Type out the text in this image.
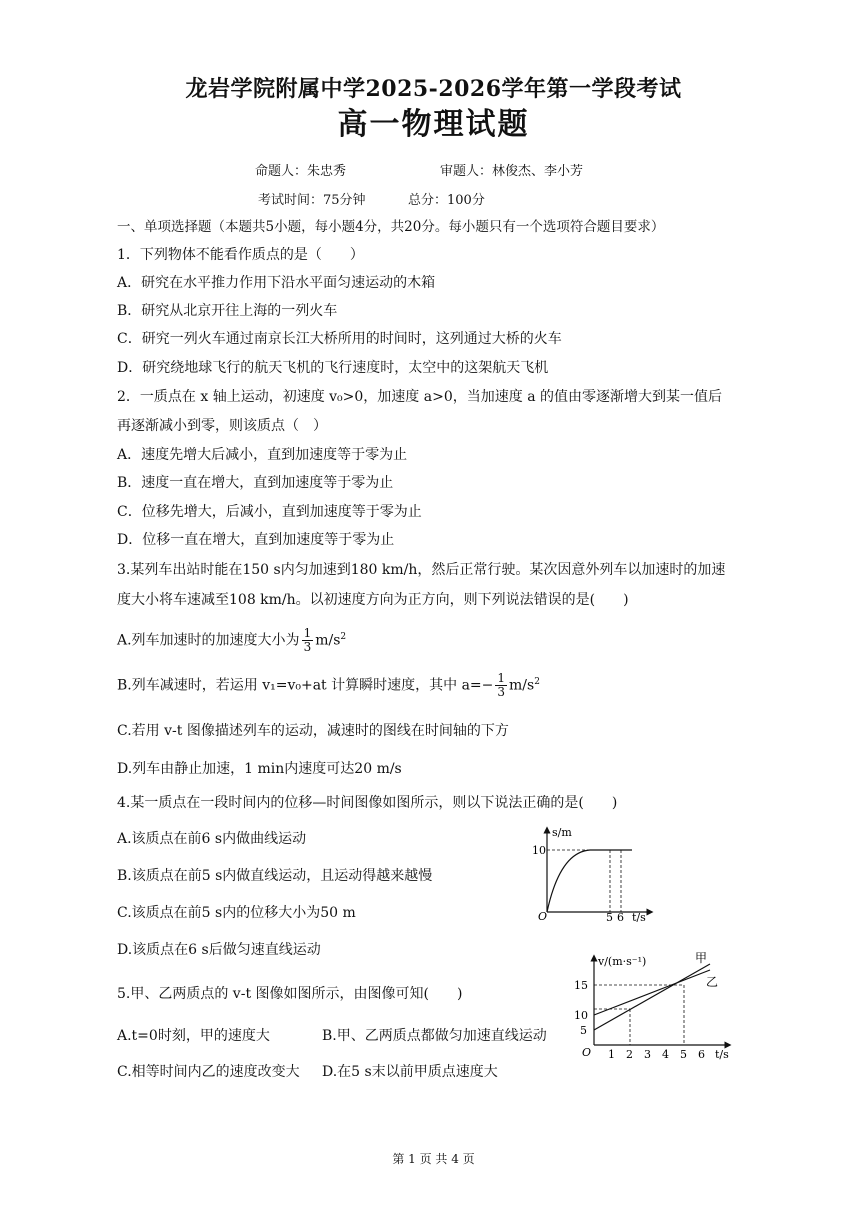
龙岩学院附属中学2025-2026学年第一学段考试
高一物理试题
命题人：朱忠秀	审题人：林俊杰、李小芳
考试时间：75分钟	总分：100分
一、单项选择题（本题共5小题，每小题4分，共20分。每小题只有一个选项符合题目要求）
1．下列物体不能看作质点的是（　　）
A．研究在水平推力作用下沿水平面匀速运动的木箱
B．研究从北京开往上海的一列火车
C．研究一列火车通过南京长江大桥所用的时间时，这列通过大桥的火车
D．研究绕地球飞行的航天飞机的飞行速度时，太空中的这架航天飞机
2．一质点在 x 轴上运动，初速度 v₀>0，加速度 a>0，当加速度 a 的值由零逐渐增大到某一值后
再逐渐减小到零，则该质点（　）
A．速度先增大后减小，直到加速度等于零为止
B．速度一直在增大，直到加速度等于零为止
C．位移先增大，后减小，直到加速度等于零为止
D．位移一直在增大，直到加速度等于零为止
3.某列车出站时能在150 s内匀加速到180 km/h，然后正常行驶。某次因意外列车以加速时的加速
度大小将车速减至108 km/h。以初速度方向为正方向，则下列说法错误的是(　　)
A.列车加速时的加速度大小为 $\frac{1}{3} m/s^2$
B.列车减速时，若运用 v₁=v₀+at 计算瞬时速度，其中 $a=- \frac{1}{3} m/s^2$
C.若用 v-t 图像描述列车的运动，减速时的图线在时间轴的下方
D.列车由静止加速，1 min内速度可达20 m/s
4.某一质点在一段时间内的位移—时间图像如图所示，则以下说法正确的是(　　)
A.该质点在前6 s内做曲线运动
B.该质点在前5 s内做直线运动，且运动得越来越慢
C.该质点在前5 s内的位移大小为50 m
D.该质点在6 s后做匀速直线运动
s/m
10
O	5 6 t/s
5.甲、乙两质点的 v-t 图像如图所示，由图像可知(　　)
A.t=0时刻，甲的速度大	B.甲、乙两质点都做匀加速直线运动
C.相等时间内乙的速度改变大 D.在5 s末以前甲质点速度大
v/(m·s⁻¹)	甲
乙
15
10
5
O 1 2 3 4 5 6 t/s
第 1 页 共 4 页
